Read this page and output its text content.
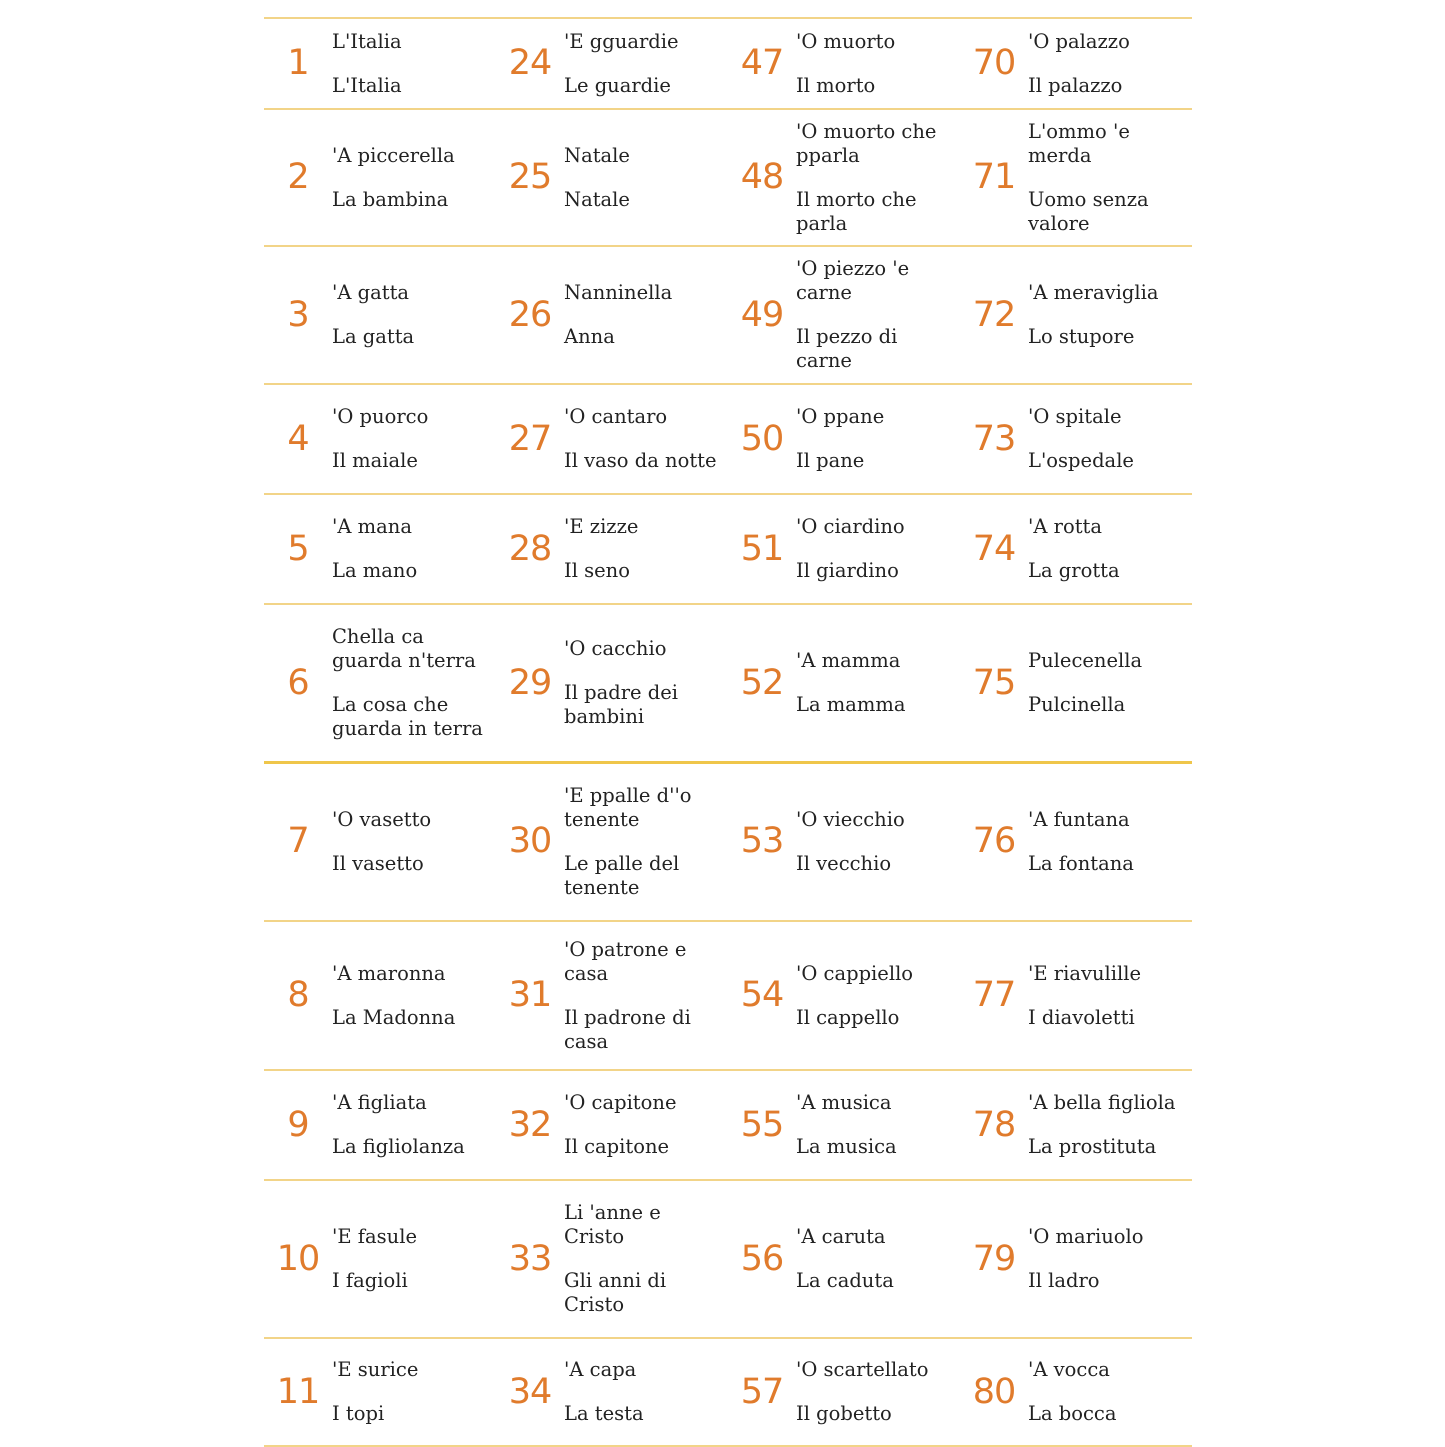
1
L'Italia
L'Italia
24
'E gguardie
Le guardie
47
'O muorto
Il morto
70
'O palazzo
Il palazzo
2
'A piccerella
La bambina
25
Natale
Natale
48
'O muorto che
pparla
Il morto che
parla
71
L'ommo 'e
merda
Uomo senza
valore
3
'A gatta
La gatta
26
Nanninella
Anna
49
'O piezzo 'e
carne
Il pezzo di
carne
72
'A meraviglia
Lo stupore
4
'O puorco
Il maiale
27
'O cantaro
Il vaso da notte
50
'O ppane
Il pane
73
'O spitale
L'ospedale
5
'A mana
La mano
28
'E zizze
Il seno
51
'O ciardino
Il giardino
74
'A rotta
La grotta
6
Chella ca
guarda n'terra
La cosa che
guarda in terra
29
'O cacchio
Il padre dei
bambini
52
'A mamma
La mamma
75
Pulecenella
Pulcinella
7
'O vasetto
Il vasetto
30
'E ppalle d''o
tenente
Le palle del
tenente
53
'O viecchio
Il vecchio
76
'A funtana
La fontana
8
'A maronna
La Madonna
31
'O patrone e
casa
Il padrone di
casa
54
'O cappiello
Il cappello
77
'E riavulille
I diavoletti
9
'A figliata
La figliolanza
32
'O capitone
Il capitone
55
'A musica
La musica
78
'A bella figliola
La prostituta
10
'E fasule
I fagioli
33
Li 'anne e
Cristo
Gli anni di
Cristo
56
'A caruta
La caduta
79
'O mariuolo
Il ladro
11
'E surice
I topi
34
'A capa
La testa
57
'O scartellato
Il gobetto
80
'A vocca
La bocca
